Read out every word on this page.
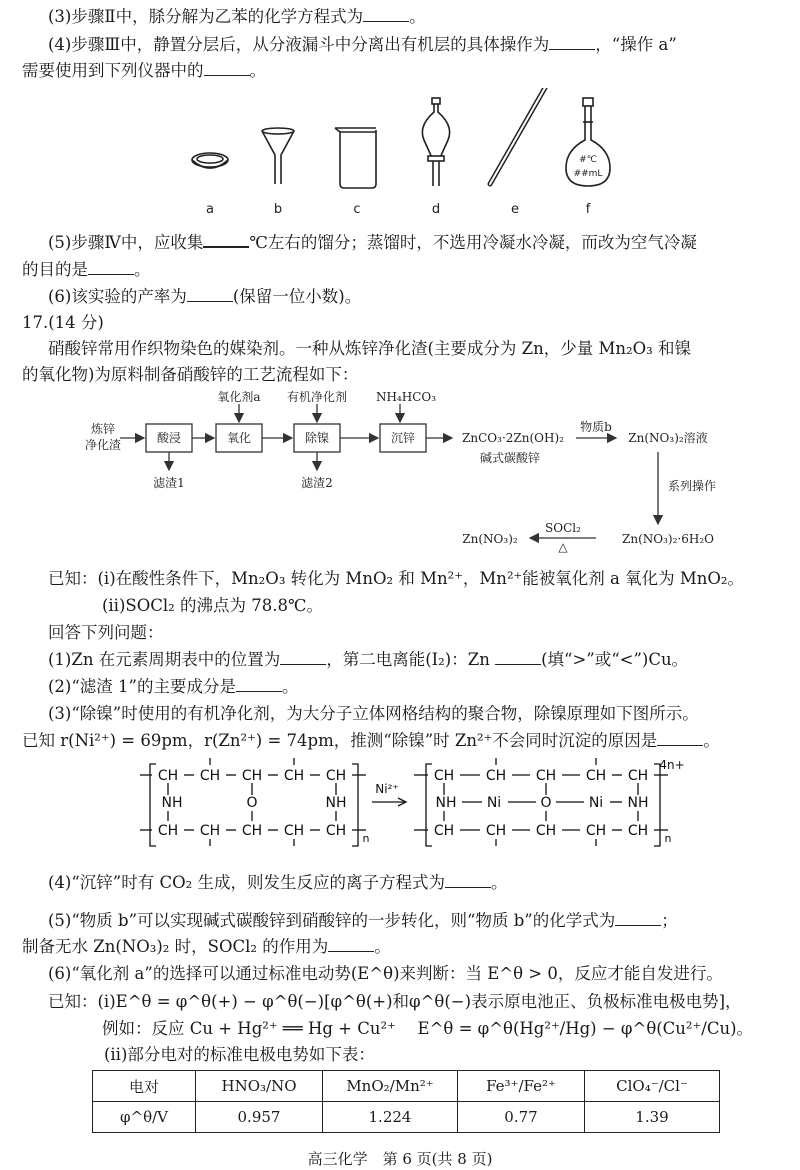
(3)步骤Ⅱ中，脎分解为乙苯的化学方程式为	。
(4)步骤Ⅲ中，静置分层后，从分液漏斗中分离出有机层的具体操作为	，“操作 a”
需要使用到下列仪器中的	。
#℃
##mL
a	b	c	d	e	f
(5)步骤Ⅳ中，应收集	℃左右的馏分；蒸馏时，不选用冷凝水冷凝，而改为空气冷凝
的目的是	。
(6)该实验的产率为	(保留一位小数)。
17.(14 分)
硝酸锌常用作织物染色的媒染剂。一种从炼锌净化渣(主要成分为 Zn，少量 Mn₂O₃ 和镍
的氧化物)为原料制备硝酸锌的工艺流程如下：
炼锌
净化渣	酸浸	氧化	除镍	沉锌
氧化剂a 有机净化剂 NH₄HCO₃
滤渣1	滤渣2
ZnCO₃·2Zn(OH)₂
碱式碳酸锌
物质b
Zn(NO₃)₂溶液
系列操作
Zn(NO₃)₂·6H₂O
SOCl₂
△
Zn(NO₃)₂
已知：(ⅰ)在酸性条件下，Mn₂O₃ 转化为 MnO₂ 和 Mn²⁺，Mn²⁺能被氧化剂 a 氧化为 MnO₂。
(ⅱ)SOCl₂ 的沸点为 78.8℃。
回答下列问题：
(1)Zn 在元素周期表中的位置为	，第二电离能(I₂)：Zn	(填“>”或“<”)Cu。
(2)“滤渣 1”的主要成分是	。
(3)“除镍”时使用的有机净化剂，为大分子立体网格结构的聚合物，除镍原理如下图所示。
已知 r(Ni²⁺) = 69pm，r(Zn²⁺) = 74pm，推测“除镍”时 Zn²⁺不会同时沉淀的原因是	。
CH CH CH CH CH
NH	O	NH
CH CH CH CH CH n
Ni²⁺
CH CH CH CH CH
NH Ni	O	Ni NH
CH CH CH CH CH n
4n+
(4)“沉锌”时有 CO₂ 生成，则发生反应的离子方程式为	。
(5)“物质 b”可以实现碱式碳酸锌到硝酸锌的一步转化，则“物质 b”的化学式为	；
制备无水 Zn(NO₃)₂ 时，SOCl₂ 的作用为	。
(6)“氧化剂 a”的选择可以通过标准电动势(E^θ)来判断：当 E^θ > 0，反应才能自发进行。
已知：(ⅰ)E^θ = φ^θ(+) − φ^θ(−)[φ^θ(+)和φ^θ(−)表示原电池正、负极标准电极电势]，
例如：反应 Cu + Hg²⁺ ══ Hg + Cu²⁺　 E^θ = φ^θ(Hg²⁺/Hg) − φ^θ(Cu²⁺/Cu)。
(ⅱ)部分电对的标准电极电势如下表：
电对	HNO₃/NO	MnO₂/Mn²⁺	Fe³⁺/Fe²⁺	ClO₄⁻/Cl⁻
φ^θ/V	0.957	1.224	0.77	1.39
高三化学　第 6 页(共 8 页)
